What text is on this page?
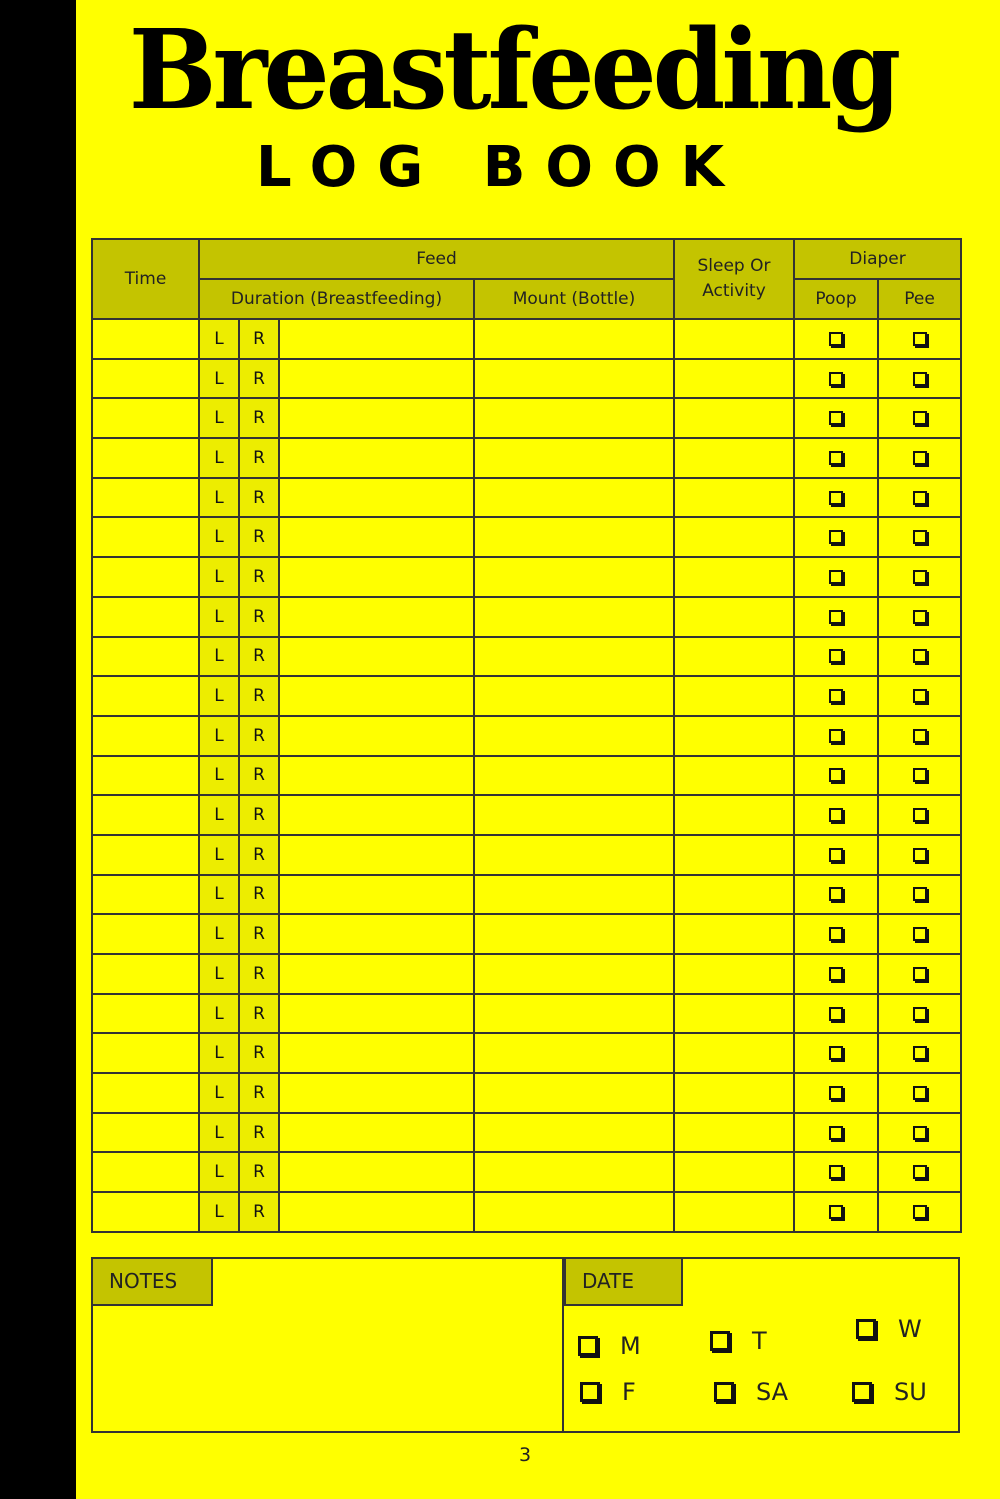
Breastfeeding
LOG BOOK
Time	Feed				Sleep Or Activity	Diaper	
	Duration (Breastfeeding)			Mount (Bottle)		Poop	Pee
	L	R					
	L	R					
	L	R					
	L	R					
	L	R					
	L	R					
	L	R					
	L	R					
	L	R					
	L	R					
	L	R					
	L	R					
	L	R					
	L	R					
	L	R					
	L	R					
	L	R					
	L	R					
	L	R					
	L	R					
	L	R					
	L	R					
	L	R					
NOTES	DATE
M	T	W
F	SA	SU
3
